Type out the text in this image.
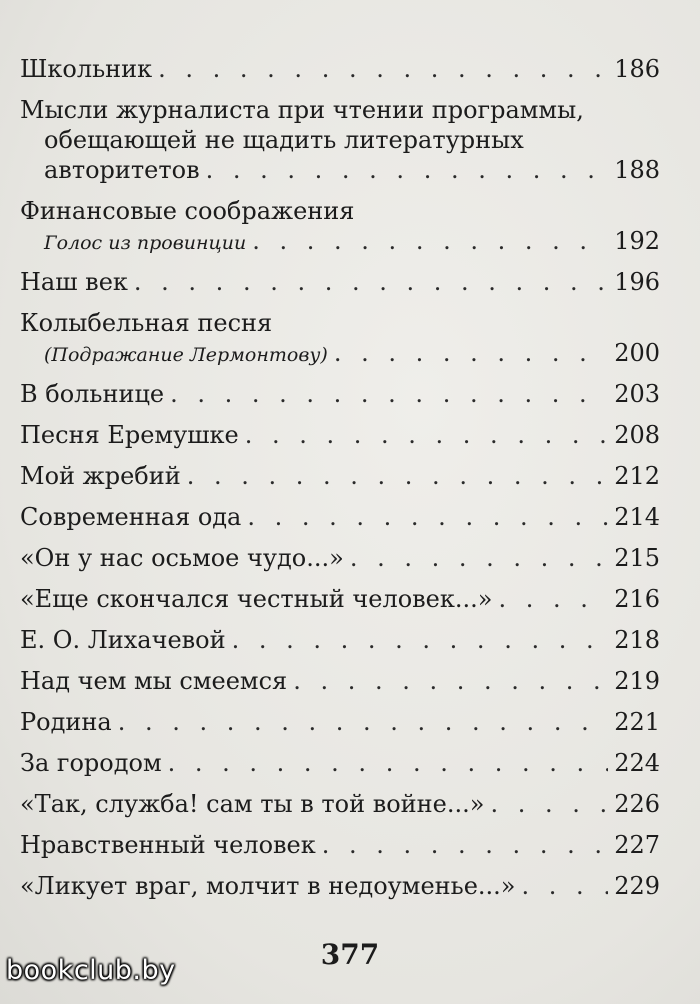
Школьник . . .	186
Мысли журналиста при чтении программы,
обещающей не щадить литературных
авторитетов . . .	188
Финансовые соображения
Голос из провинции . . .	192
Наш век . . .	196
Колыбельная песня
(Подражание Лермонтову) . . .	200
В больнице . . .	203
Песня Еремушке . . .	208
Мой жребий . . .	212
Современная ода . . .	214
«Он у нас осьмое чудо...» . . .	215
«Еще скончался честный человек...» . . .	216
Е. О. Лихачевой . . .	218
Над чем мы смеемся . . .	219
Родина . . .	221
За городом . . .	224
«Так, служба! сам ты в той войне...» . . .	226
Нравственный человек . . .	227
«Ликует враг, молчит в недоуменье...» . . .	229
377
bookclub.by
